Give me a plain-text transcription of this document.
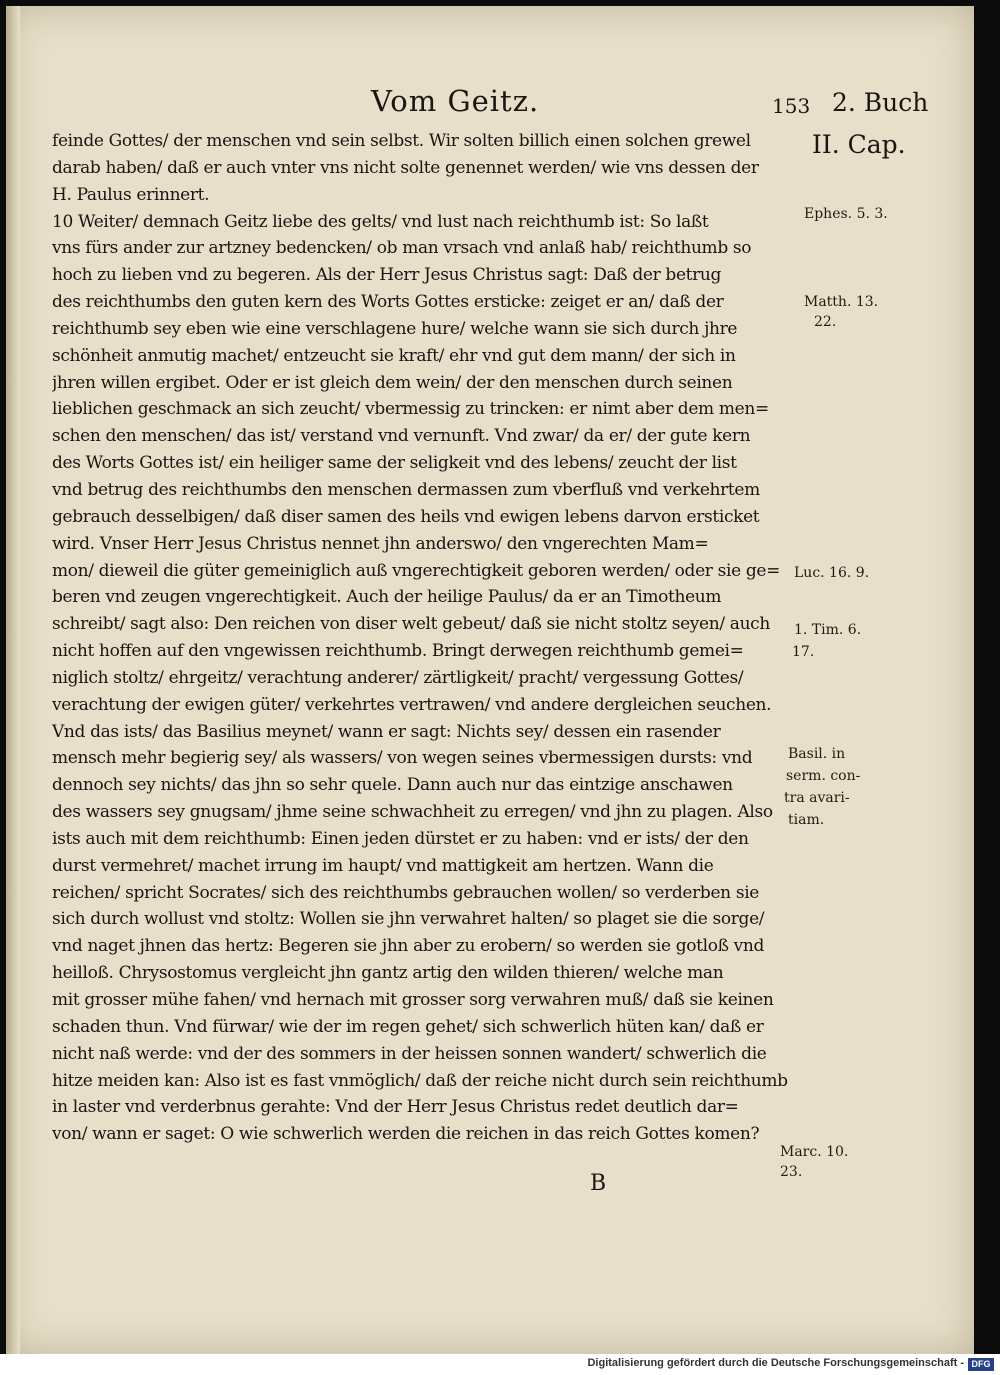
Vom Geitz.	153 2. Buch
II. Cap.
feinde Gottes/ der menschen vnd sein selbst. Wir solten billich einen solchen grewel
darab haben/ daß er auch vnter vns nicht solte genennet werden/ wie vns dessen der
H. Paulus erinnert.
10 Weiter/ demnach Geitz liebe des gelts/ vnd lust nach reichthumb ist: So laßt
vns fürs ander zur artzney bedencken/ ob man vrsach vnd anlaß hab/ reichthumb so
hoch zu lieben vnd zu begeren. Als der Herr Jesus Christus sagt: Daß der betrug
des reichthumbs den guten kern des Worts Gottes ersticke: zeiget er an/ daß der
reichthumb sey eben wie eine verschlagene hure/ welche wann sie sich durch jhre
schönheit anmutig machet/ entzeucht sie kraft/ ehr vnd gut dem mann/ der sich in
jhren willen ergibet. Oder er ist gleich dem wein/ der den menschen durch seinen
lieblichen geschmack an sich zeucht/ vbermessig zu trincken: er nimt aber dem men=
schen den menschen/ das ist/ verstand vnd vernunft. Vnd zwar/ da er/ der gute kern
des Worts Gottes ist/ ein heiliger same der seligkeit vnd des lebens/ zeucht der list
vnd betrug des reichthumbs den menschen dermassen zum vberfluß vnd verkehrtem
gebrauch desselbigen/ daß diser samen des heils vnd ewigen lebens darvon ersticket
wird. Vnser Herr Jesus Christus nennet jhn anderswo/ den vngerechten Mam=
mon/ dieweil die güter gemeiniglich auß vngerechtigkeit geboren werden/ oder sie ge=
beren vnd zeugen vngerechtigkeit. Auch der heilige Paulus/ da er an Timotheum
schreibt/ sagt also: Den reichen von diser welt gebeut/ daß sie nicht stoltz seyen/ auch
nicht hoffen auf den vngewissen reichthumb. Bringt derwegen reichthumb gemei=
niglich stoltz/ ehrgeitz/ verachtung anderer/ zärtligkeit/ pracht/ vergessung Gottes/
verachtung der ewigen güter/ verkehrtes vertrawen/ vnd andere dergleichen seuchen.
Vnd das ists/ das Basilius meynet/ wann er sagt: Nichts sey/ dessen ein rasender
mensch mehr begierig sey/ als wassers/ von wegen seines vbermessigen dursts: vnd
dennoch sey nichts/ das jhn so sehr quele. Dann auch nur das eintzige anschawen
des wassers sey gnugsam/ jhme seine schwachheit zu erregen/ vnd jhn zu plagen. Also
ists auch mit dem reichthumb: Einen jeden dürstet er zu haben: vnd er ists/ der den
durst vermehret/ machet irrung im haupt/ vnd mattigkeit am hertzen. Wann die
reichen/ spricht Socrates/ sich des reichthumbs gebrauchen wollen/ so verderben sie
sich durch wollust vnd stoltz: Wollen sie jhn verwahret halten/ so plaget sie die sorge/
vnd naget jhnen das hertz: Begeren sie jhn aber zu erobern/ so werden sie gotloß vnd
heilloß. Chrysostomus vergleicht jhn gantz artig den wilden thieren/ welche man
mit grosser mühe fahen/ vnd hernach mit grosser sorg verwahren muß/ daß sie keinen
schaden thun. Vnd fürwar/ wie der im regen gehet/ sich schwerlich hüten kan/ daß er
nicht naß werde: vnd der des sommers in der heissen sonnen wandert/ schwerlich die
hitze meiden kan: Also ist es fast vnmöglich/ daß der reiche nicht durch sein reichthumb
in laster vnd verderbnus gerahte: Vnd der Herr Jesus Christus redet deutlich dar=
von/ wann er saget: O wie schwerlich werden die reichen in das reich Gottes komen?
Ephes. 5. 3.
Matth. 13.
22.
Luc. 16. 9.
1. Tim. 6.
17.
Basil. in
serm. con-
tra avari-
tiam.
Marc. 10.
23.
B
Digitalisierung gefördert durch die Deutsche Forschungsgemeinschaft - DFG
